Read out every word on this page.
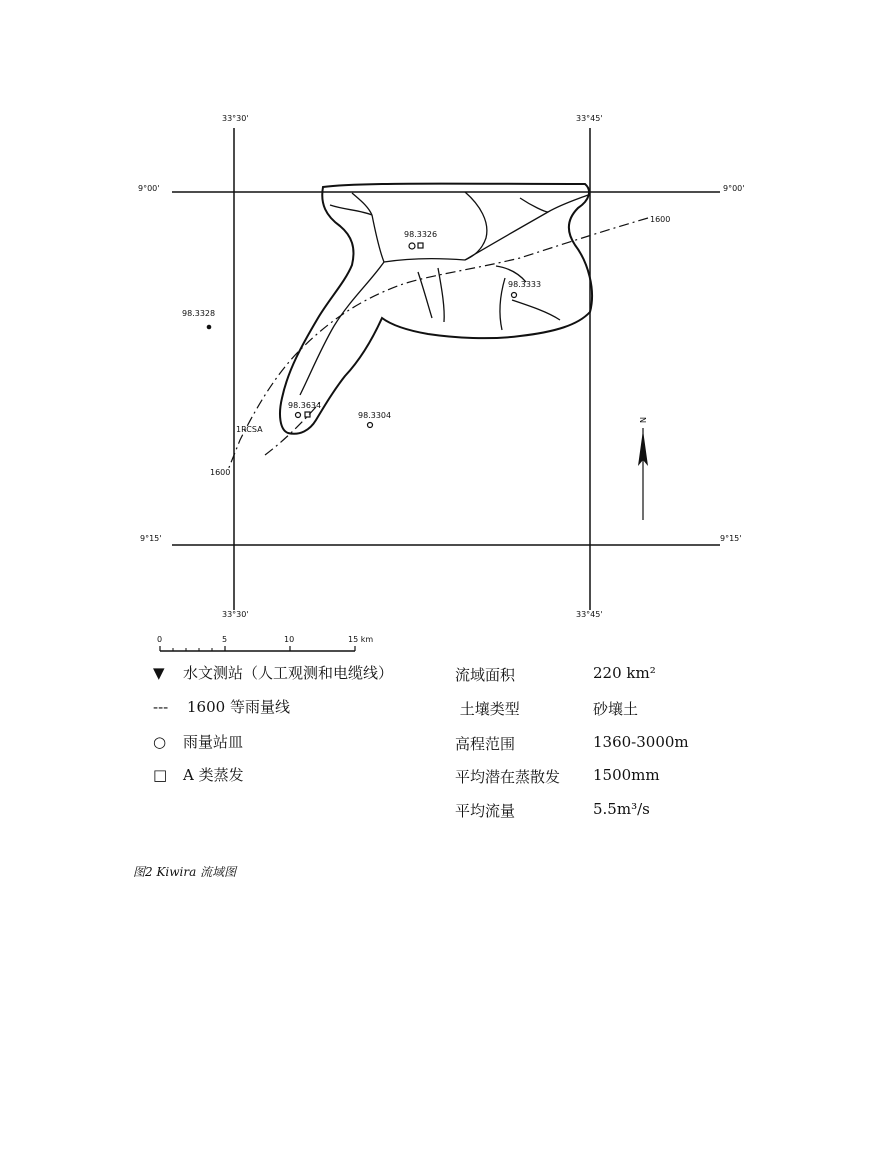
33°30'	33°45'
33°30'	33°45'
9°00'	9°00'
9°15'	9°15'
1600
1600
98.3326
98.3333
98.3328
98.3304
98.3634
1RCSA
N
0	5	10	15 km
▼ 水文测站（人工观测和电缆线）
--- 1600 等雨量线
○ 雨量站皿
□ A 类蒸发
流域面积	220 km²
土壤类型	砂壤土
高程范围	1360-3000m
平均潜在蒸散发 1500mm
平均流量	5.5m³/s
图2 Kiwira 流域图
